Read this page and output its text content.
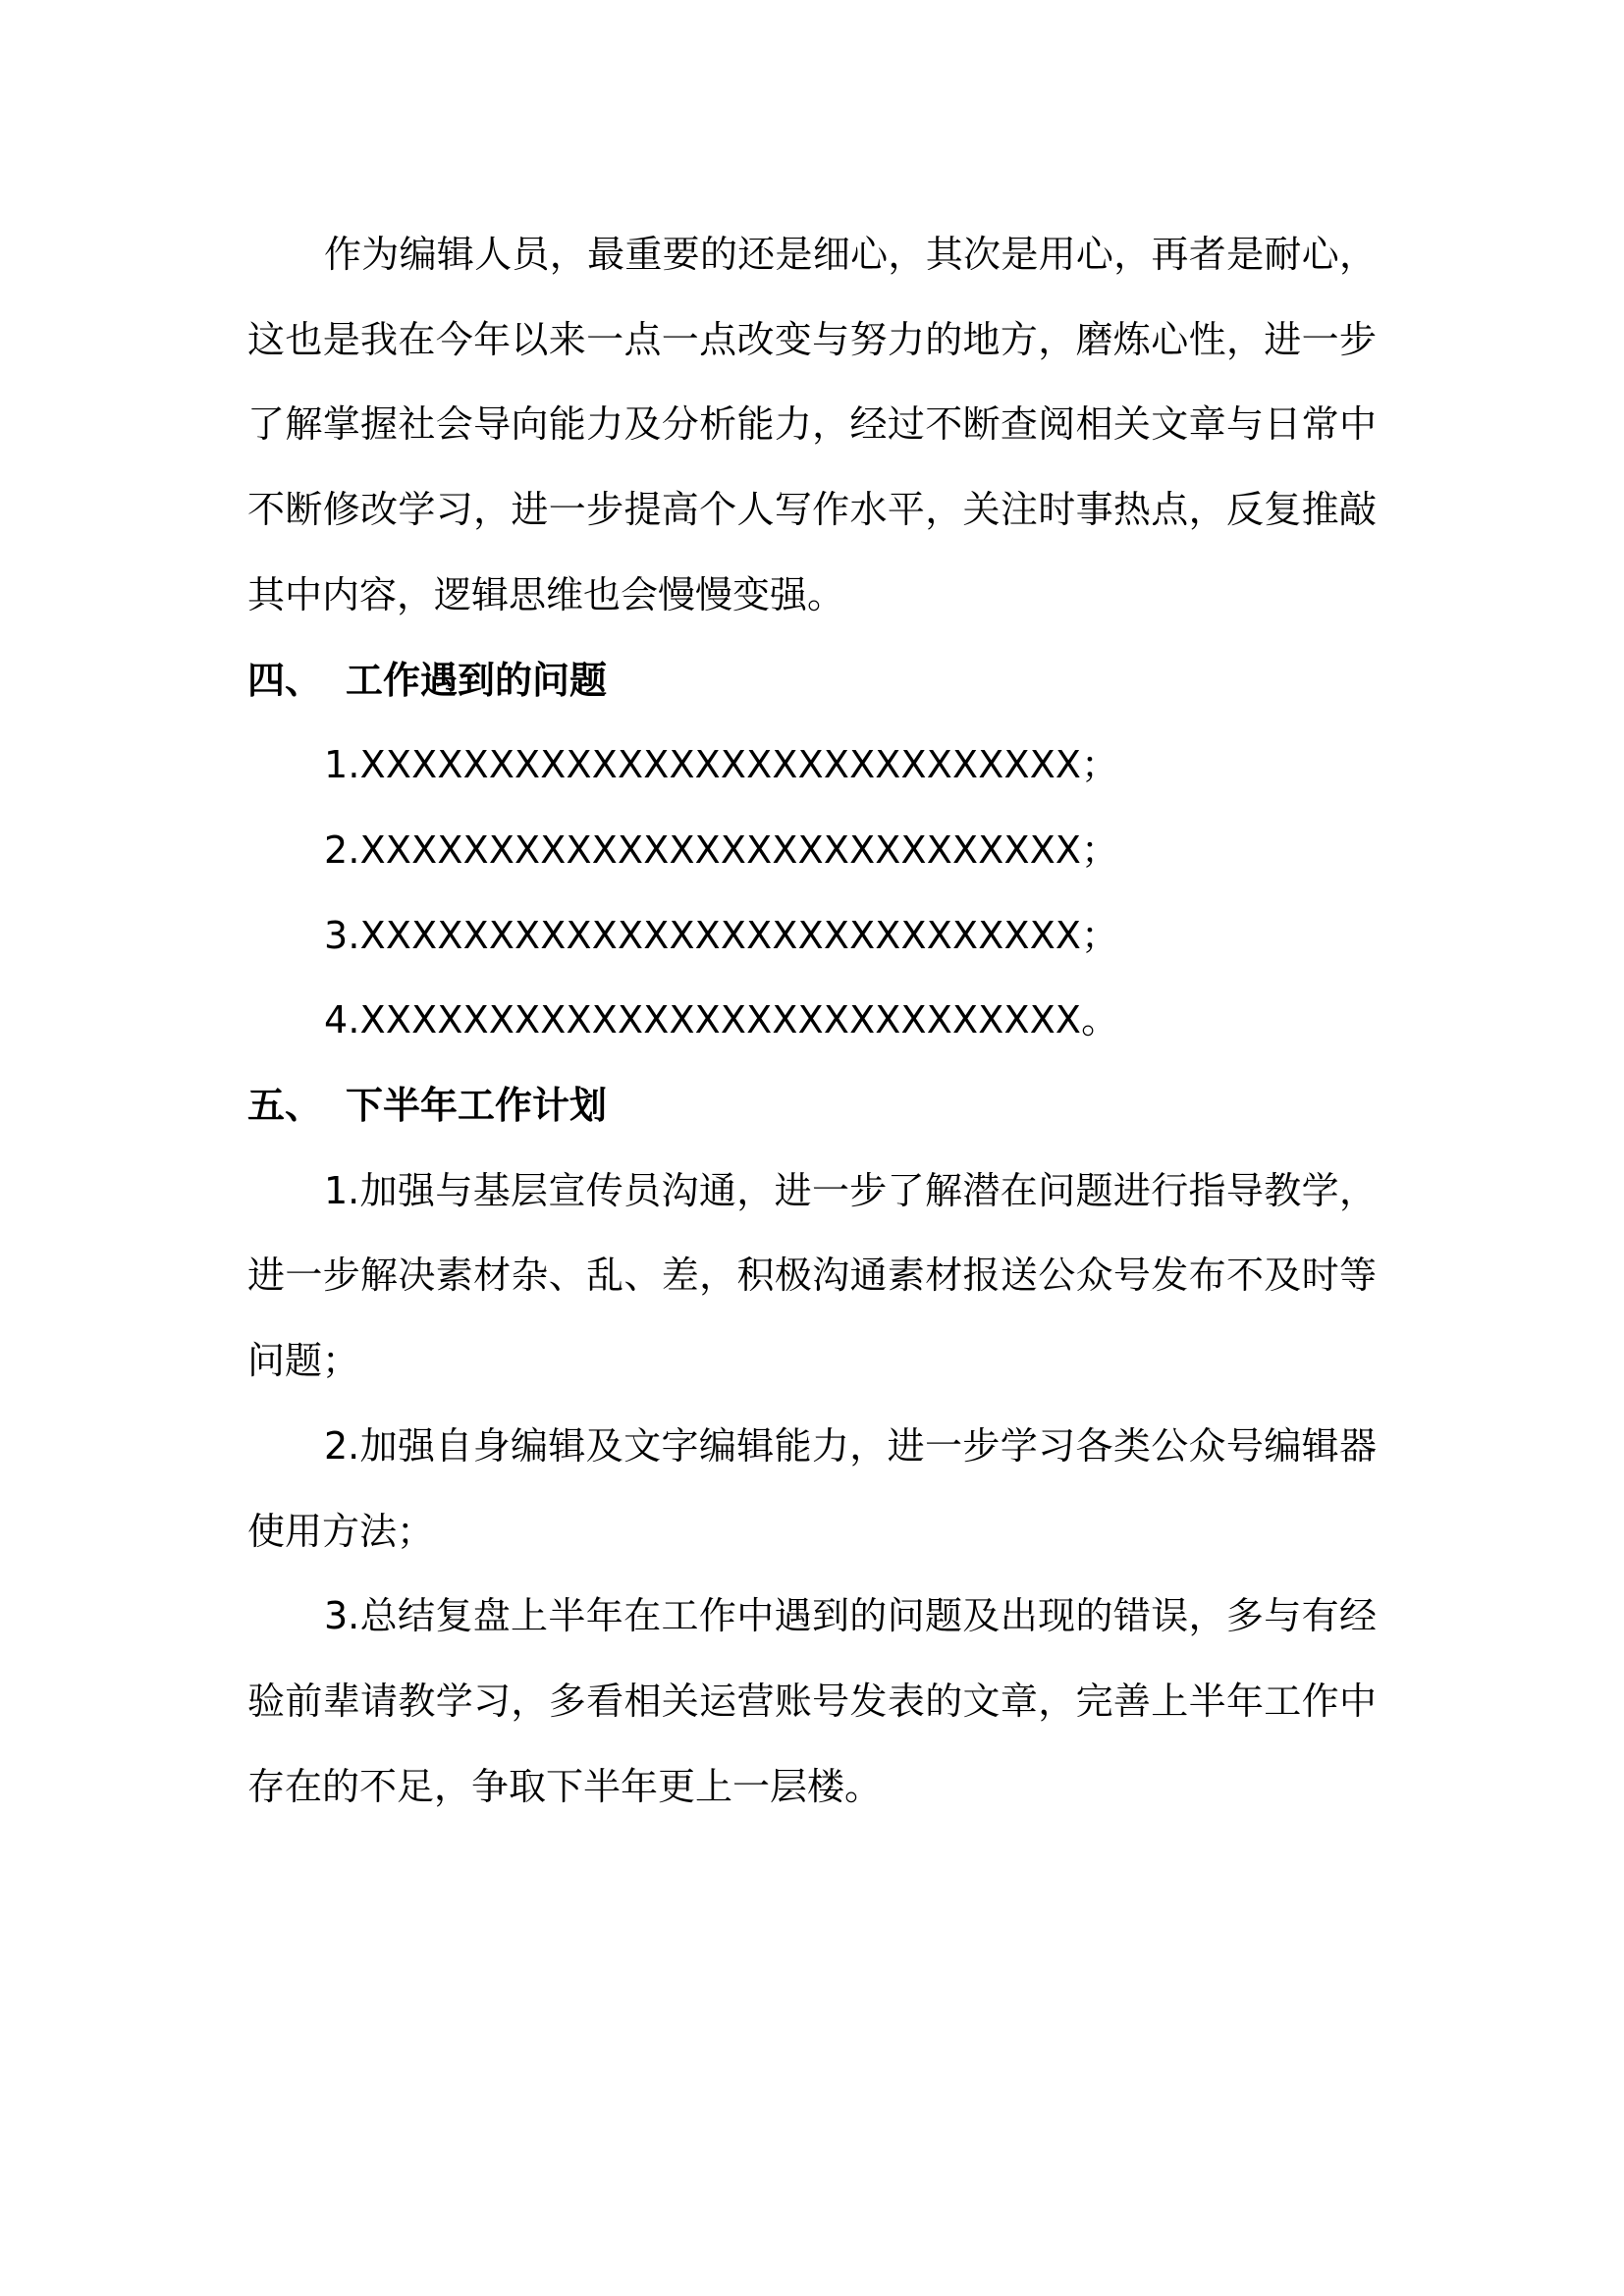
作为编辑人员，最重要的还是细心，其次是用心，再者是耐心，这也是我在今年以来一点一点改变与努力的地方，磨炼心性，进一步了解掌握社会导向能力及分析能力，经过不断查阅相关文章与日常中不断修改学习，进一步提高个人写作水平，关注时事热点，反复推敲其中内容，逻辑思维也会慢慢变强。

四、 工作遇到的问题

1.XXXXXXXXXXXXXXXXXXXXXXXXXXXX；

2.XXXXXXXXXXXXXXXXXXXXXXXXXXXX；

3.XXXXXXXXXXXXXXXXXXXXXXXXXXXX；

4.XXXXXXXXXXXXXXXXXXXXXXXXXXXX。

五、 下半年工作计划

1.加强与基层宣传员沟通，进一步了解潜在问题进行指导教学，进一步解决素材杂、乱、差，积极沟通素材报送公众号发布不及时等问题；

2.加强自身编辑及文字编辑能力，进一步学习各类公众号编辑器使用方法；

3.总结复盘上半年在工作中遇到的问题及出现的错误，多与有经验前辈请教学习，多看相关运营账号发表的文章，完善上半年工作中存在的不足，争取下半年更上一层楼。
